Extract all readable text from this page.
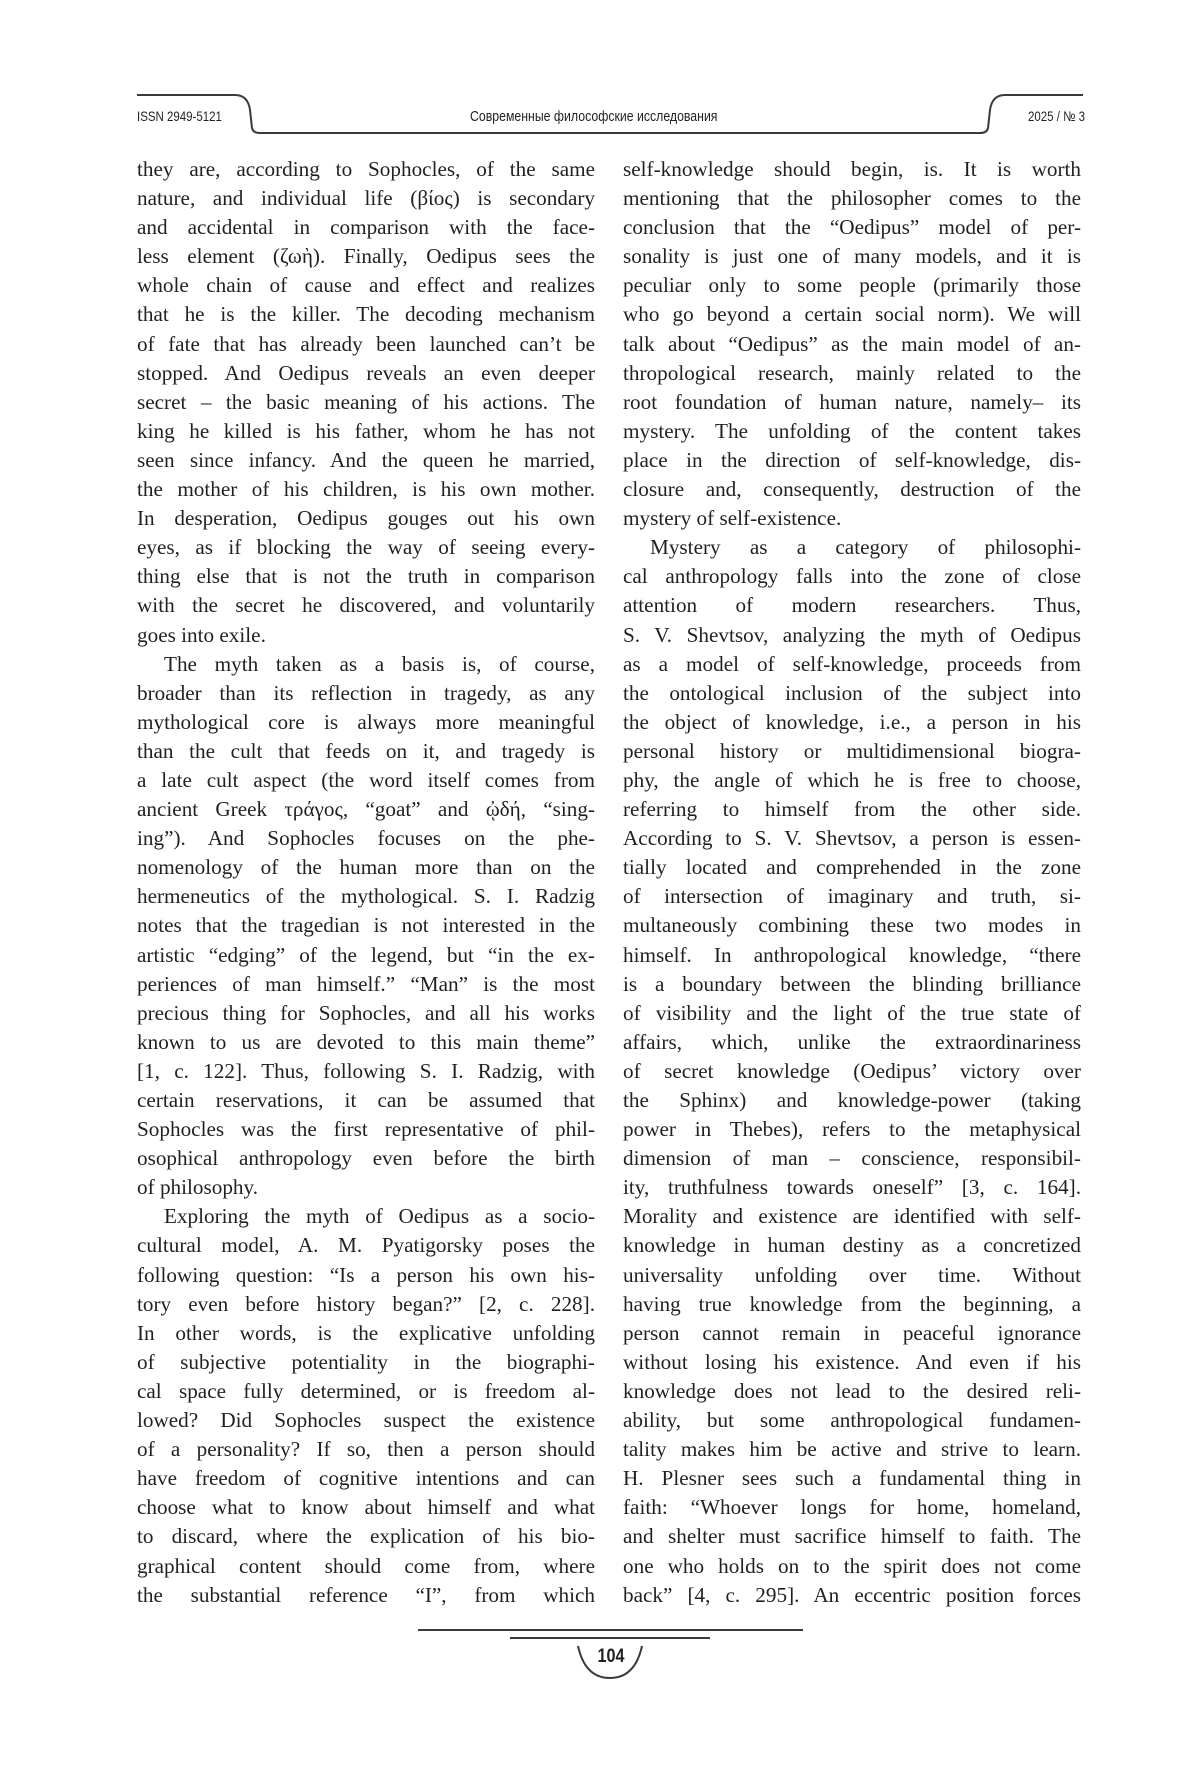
ISSN 2949-5121	Современные философские исследования	2025 / № 3
they are, according to Sophocles, of the same
nature, and individual life (βίος) is secondary
and accidental in comparison with the face-
less element (ζωὴ). Finally, Oedipus sees the
whole chain of cause and effect and realizes
that he is the killer. The decoding mechanism
of fate that has already been launched can’t be
stopped. And Oedipus reveals an even deeper
secret – the basic meaning of his actions. The
king he killed is his father, whom he has not
seen since infancy. And the queen he married,
the mother of his children, is his own mother.
In desperation, Oedipus gouges out his own
eyes, as if blocking the way of seeing every-
thing else that is not the truth in comparison
with the secret he discovered, and voluntarily
goes into exile.
The myth taken as a basis is, of course,
broader than its reflection in tragedy, as any
mythological core is always more meaningful
than the cult that feeds on it, and tragedy is
a late cult aspect (the word itself comes from
ancient Greek τράγος, “goat” and ᾠδή, “sing-
ing”). And Sophocles focuses on the phe-
nomenology of the human more than on the
hermeneutics of the mythological. S. I. Radzig
notes that the tragedian is not interested in the
artistic “edging” of the legend, but “in the ex-
periences of man himself.” “Man” is the most
precious thing for Sophocles, and all his works
known to us are devoted to this main theme”
[1, c. 122]. Thus, following S. I. Radzig, with
certain reservations, it can be assumed that
Sophocles was the first representative of phil-
osophical anthropology even before the birth
of philosophy.
Exploring the myth of Oedipus as a socio-
cultural model, A. M. Pyatigorsky poses the
following question: “Is a person his own his-
tory even before history began?” [2, c. 228].
In other words, is the explicative unfolding
of subjective potentiality in the biographi-
cal space fully determined, or is freedom al-
lowed? Did Sophocles suspect the existence
of a personality? If so, then a person should
have freedom of cognitive intentions and can
choose what to know about himself and what
to discard, where the explication of his bio-
graphical content should come from, where
the substantial reference “I”, from which
self-knowledge should begin, is. It is worth
mentioning that the philosopher comes to the
conclusion that the “Oedipus” model of per-
sonality is just one of many models, and it is
peculiar only to some people (primarily those
who go beyond a certain social norm). We will
talk about “Oedipus” as the main model of an-
thropological research, mainly related to the
root foundation of human nature, namely– its
mystery. The unfolding of the content takes
place in the direction of self-knowledge, dis-
closure and, consequently, destruction of the
mystery of self-existence.
Mystery as a category of philosophi-
cal anthropology falls into the zone of close
attention of modern researchers. Thus,
S. V. Shevtsov, analyzing the myth of Oedipus
as a model of self-knowledge, proceeds from
the ontological inclusion of the subject into
the object of knowledge, i.e., a person in his
personal history or multidimensional biogra-
phy, the angle of which he is free to choose,
referring to himself from the other side.
According to S. V. Shevtsov, a person is essen-
tially located and comprehended in the zone
of intersection of imaginary and truth, si-
multaneously combining these two modes in
himself. In anthropological knowledge, “there
is a boundary between the blinding brilliance
of visibility and the light of the true state of
affairs, which, unlike the extraordinariness
of secret knowledge (Oedipus’ victory over
the Sphinx) and knowledge-power (taking
power in Thebes), refers to the metaphysical
dimension of man – conscience, responsibil-
ity, truthfulness towards oneself” [3, c. 164].
Morality and existence are identified with self-
knowledge in human destiny as a concretized
universality unfolding over time. Without
having true knowledge from the beginning, a
person cannot remain in peaceful ignorance
without losing his existence. And even if his
knowledge does not lead to the desired reli-
ability, but some anthropological fundamen-
tality makes him be active and strive to learn.
H. Plesner sees such a fundamental thing in
faith: “Whoever longs for home, homeland,
and shelter must sacrifice himself to faith. The
one who holds on to the spirit does not come
back” [4, c. 295]. An eccentric position forces
104
